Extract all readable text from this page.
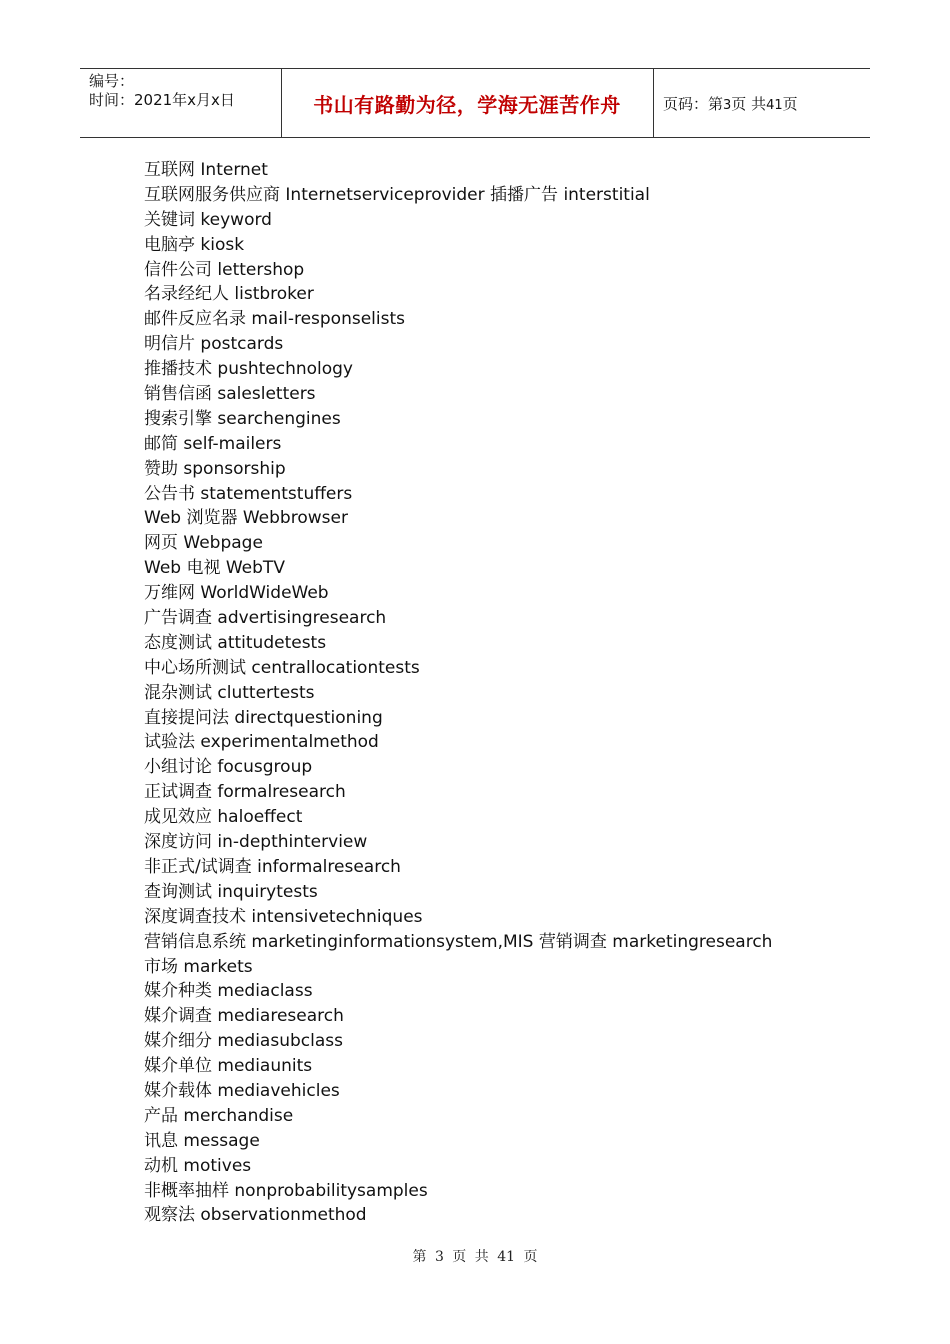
编号：
时间：2021年x月x日	书山有路勤为径，学海无涯苦作舟	页码：第3页 共41页
互联网 Internet
互联网服务供应商 Internetserviceprovider 插播广告 interstitial
关键词 keyword
电脑亭 kiosk
信件公司 lettershop
名录经纪人 listbroker
邮件反应名录 mail-responselists
明信片 postcards
推播技术 pushtechnology
销售信函 salesletters
搜索引擎 searchengines
邮简 self-mailers
赞助 sponsorship
公告书 statementstuffers
Web 浏览器 Webbrowser
网页 Webpage
Web 电视 WebTV
万维网 WorldWideWeb
广告调查 advertisingresearch
态度测试 attitudetests
中心场所测试 centrallocationtests
混杂测试 cluttertests
直接提问法 directquestioning
试验法 experimentalmethod
小组讨论 focusgroup
正试调查 formalresearch
成见效应 haloeffect
深度访问 in-depthinterview
非正式/试调查 informalresearch
查询测试 inquirytests
深度调查技术 intensivetechniques
营销信息系统 marketinginformationsystem,MIS 营销调查 marketingresearch
市场 markets
媒介种类 mediaclass
媒介调查 mediaresearch
媒介细分 mediasubclass
媒介单位 mediaunits
媒介载体 mediavehicles
产品 merchandise
讯息 message
动机 motives
非概率抽样 nonprobabilitysamples
观察法 observationmethod
第 3 页 共 41 页
